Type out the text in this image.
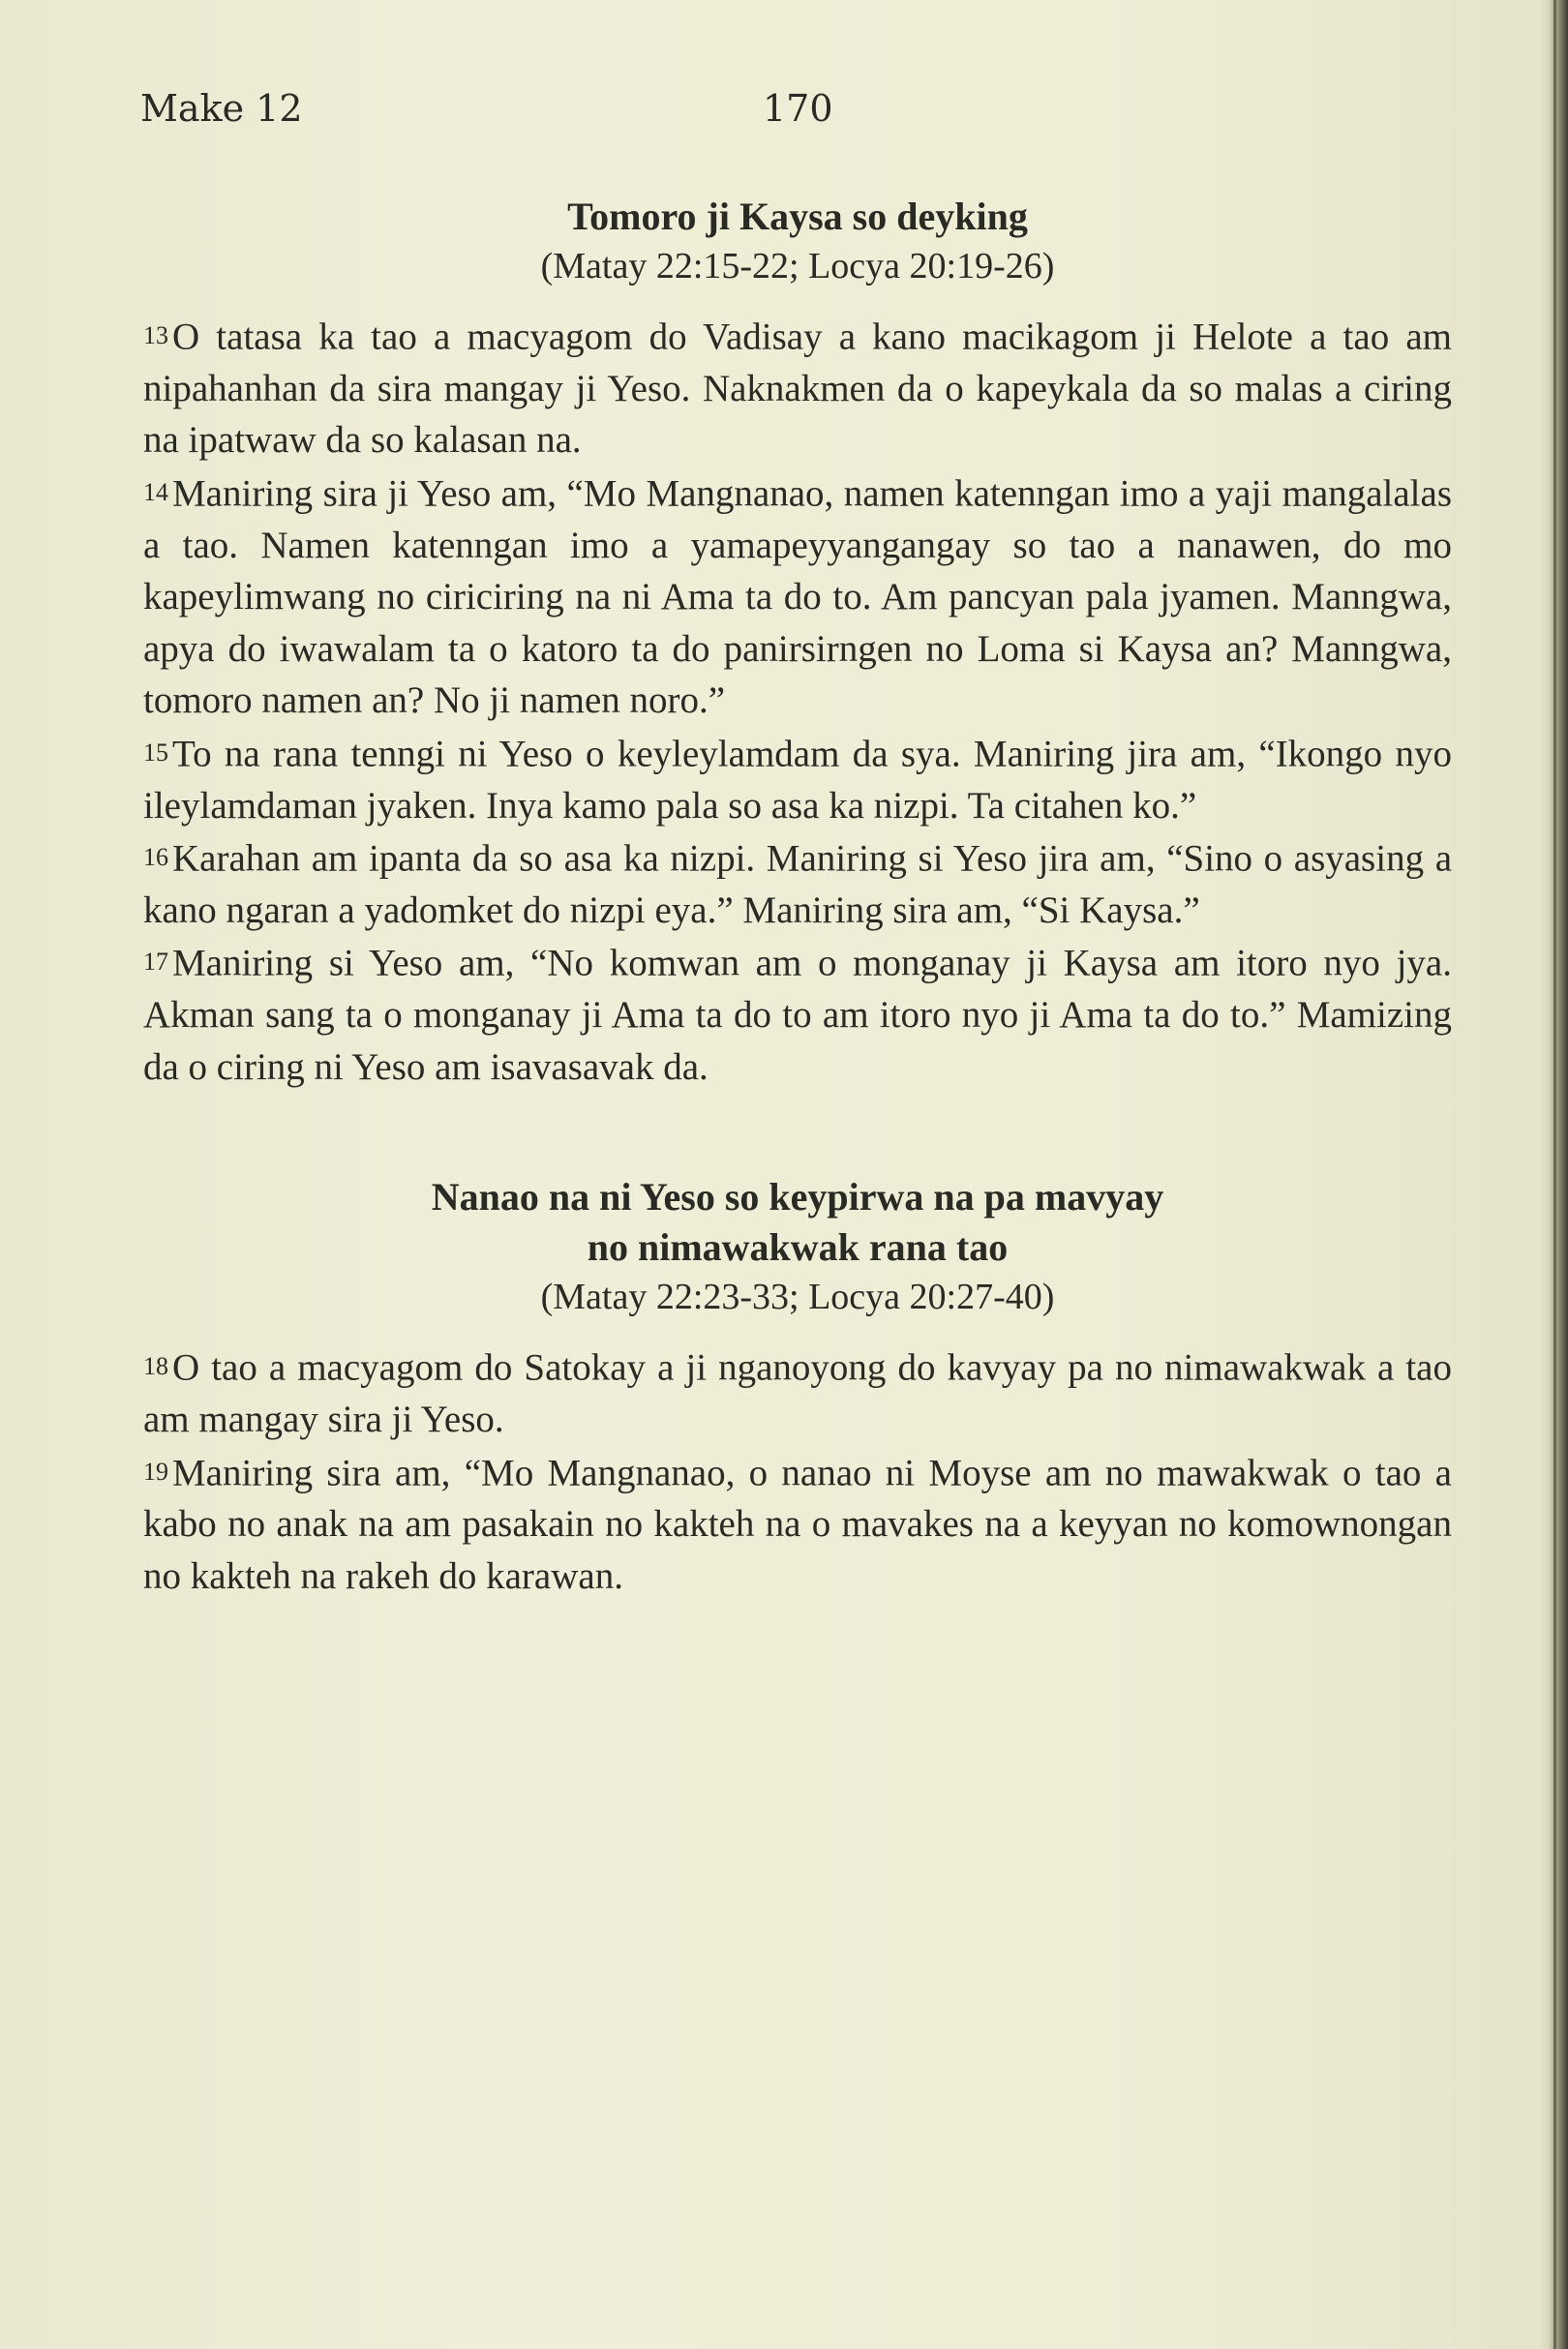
Make 12	170

Tomoro ji Kaysa so deyking

(Matay 22:15-22; Locya 20:19-26)

13 O tatasa ka tao a macyagom do Vadisay a kano macikagom ji Helote a tao am nipahanhan da sira mangay ji Yeso. Naknakmen da o kapeykala da so malas a ciring na ipatwaw da so kalasan na.

14 Maniring sira ji Yeso am, “Mo Mangnanao, namen katenngan imo a yaji mangalalas a tao. Namen katenngan imo a yamapeyyangangay so tao a nanawen, do mo kapeylimwang no ciriciring na ni Ama ta do to. Am pancyan pala jyamen. Manngwa, apya do iwawalam ta o katoro ta do panirsirngen no Loma si Kaysa an? Manngwa, tomoro namen an? No ji namen noro.”

15 To na rana tenngi ni Yeso o keyleylamdam da sya. Maniring jira am, “Ikongo nyo ileylamdaman jyaken. Inya kamo pala so asa ka nizpi. Ta citahen ko.”

16 Karahan am ipanta da so asa ka nizpi. Maniring si Yeso jira am, “Sino o asyasing a kano ngaran a yadomket do nizpi eya.” Maniring sira am, “Si Kaysa.”

17 Maniring si Yeso am, “No komwan am o monganay ji Kaysa am itoro nyo jya. Akman sang ta o monganay ji Ama ta do to am itoro nyo ji Ama ta do to.” Mamizing da o ciring ni Yeso am isavasavak da.

Nanao na ni Yeso so keypirwa na pa mavyay

no nimawakwak rana tao

(Matay 22:23-33; Locya 20:27-40)

18 O tao a macyagom do Satokay a ji nganoyong do kavyay pa no nimawakwak a tao am mangay sira ji Yeso.

19 Maniring sira am, “Mo Mangnanao, o nanao ni Moyse am no mawakwak o tao a kabo no anak na am pasakain no kakteh na o mavakes na a keyyan no komownongan no kakteh na rakeh do karawan.
